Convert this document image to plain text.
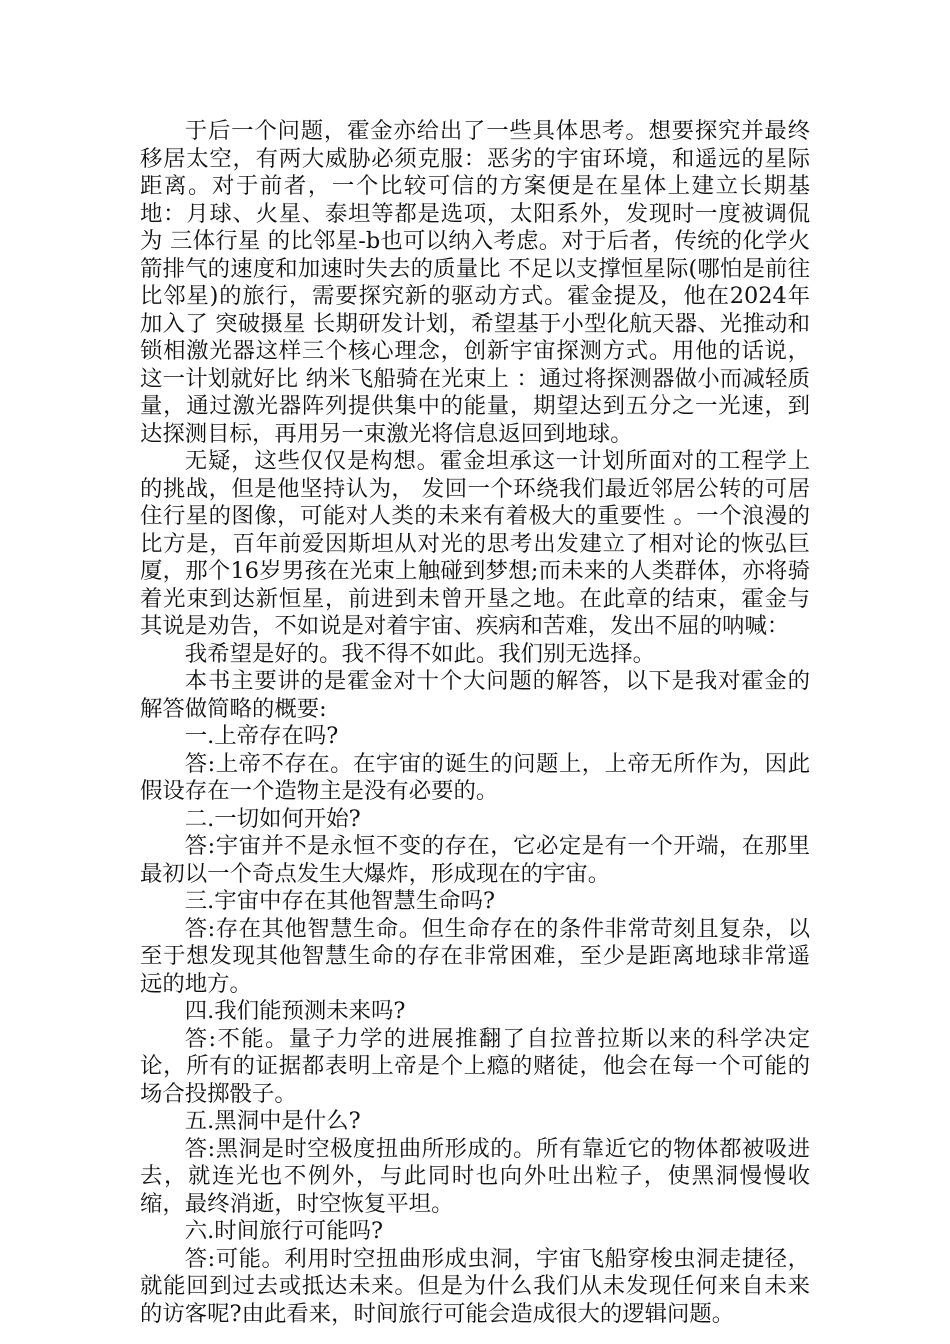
于后一个问题，霍金亦给出了一些具体思考。想要探究并最终移居太空，有两大威胁必须克服：恶劣的宇宙环境，和遥远的星际距离。对于前者，一个比较可信的方案便是在星体上建立长期基地：月球、火星、泰坦等都是选项，太阳系外，发现时一度被调侃为 三体行星 的比邻星-b也可以纳入考虑。对于后者，传统的化学火箭排气的速度和加速时失去的质量比 不足以支撑恒星际(哪怕是前往比邻星)的旅行，需要探究新的驱动方式。霍金提及，他在2024年加入了 突破摄星 长期研发计划，希望基于小型化航天器、光推动和锁相激光器这样三个核心理念，创新宇宙探测方式。用他的话说，这一计划就好比 纳米飞船骑在光束上 ：通过将探测器做小而减轻质量，通过激光器阵列提供集中的能量，期望达到五分之一光速，到达探测目标，再用另一束激光将信息返回到地球。

无疑，这些仅仅是构想。霍金坦承这一计划所面对的工程学上的挑战，但是他坚持认为， 发回一个环绕我们最近邻居公转的可居住行星的图像，可能对人类的未来有着极大的重要性 。一个浪漫的比方是，百年前爱因斯坦从对光的思考出发建立了相对论的恢弘巨厦，那个16岁男孩在光束上触碰到梦想;而未来的人类群体，亦将骑着光束到达新恒星，前进到未曾开垦之地。在此章的结束，霍金与其说是劝告，不如说是对着宇宙、疾病和苦难，发出不屈的呐喊：

我希望是好的。我不得不如此。我们别无选择。

本书主要讲的是霍金对十个大问题的解答，以下是我对霍金的解答做简略的概要:

一.上帝存在吗?

答:上帝不存在。在宇宙的诞生的问题上，上帝无所作为，因此假设存在一个造物主是没有必要的。

二.一切如何开始?

答:宇宙并不是永恒不变的存在，它必定是有一个开端，在那里最初以一个奇点发生大爆炸，形成现在的宇宙。

三.宇宙中存在其他智慧生命吗?

答:存在其他智慧生命。但生命存在的条件非常苛刻且复杂，以至于想发现其他智慧生命的存在非常困难，至少是距离地球非常遥远的地方。

四.我们能预测未来吗?

答:不能。量子力学的进展推翻了自拉普拉斯以来的科学决定论，所有的证据都表明上帝是个上瘾的赌徒，他会在每一个可能的场合投掷骰子。

五.黑洞中是什么?

答:黑洞是时空极度扭曲所形成的。所有靠近它的物体都被吸进去，就连光也不例外，与此同时也向外吐出粒子，使黑洞慢慢收缩，最终消逝，时空恢复平坦。

六.时间旅行可能吗?

答:可能。利用时空扭曲形成虫洞，宇宙飞船穿梭虫洞走捷径，就能回到过去或抵达未来。但是为什么我们从未发现任何来自未来的访客呢?由此看来，时间旅行可能会造成很大的逻辑问题。
